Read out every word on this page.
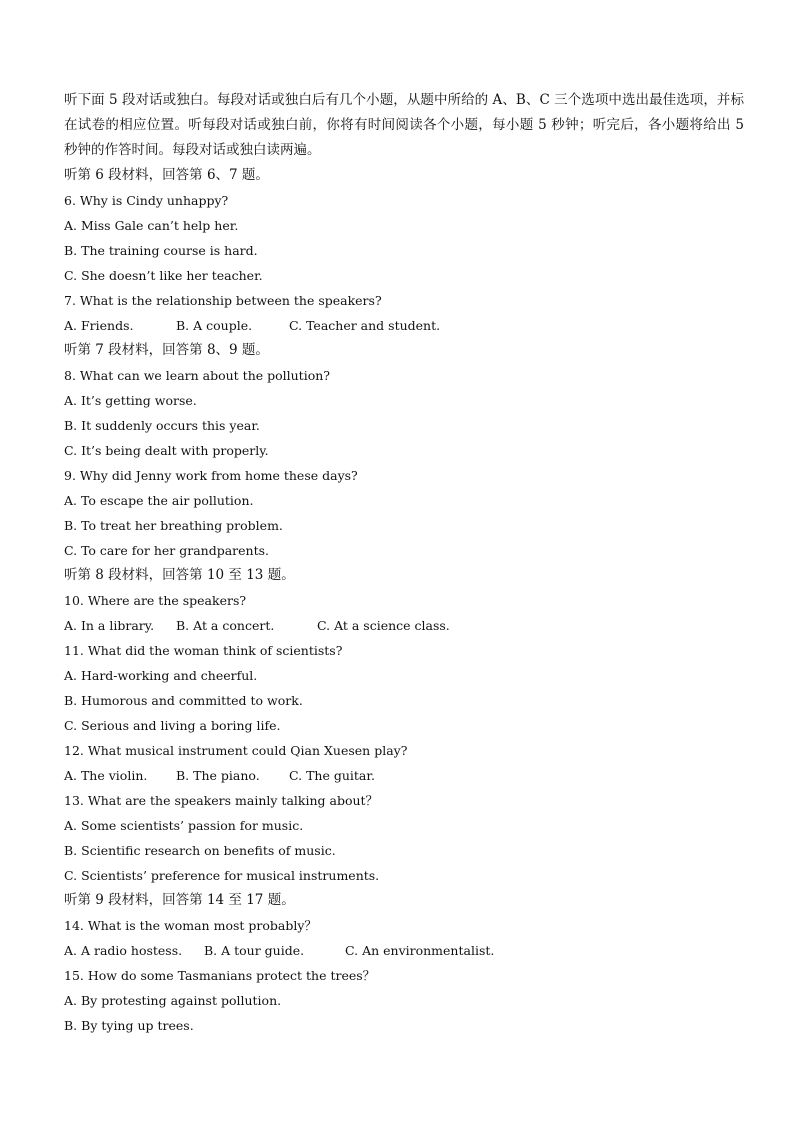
听下面 5 段对话或独白。每段对话或独白后有几个小题，从题中所给的 A、B、C 三个选项中选出最佳选项，并标在试卷的相应位置。听每段对话或独白前，你将有时间阅读各个小题，每小题 5 秒钟；听完后，各小题将给出 5 秒钟的作答时间。每段对话或独白读两遍。

听第 6 段材料，回答第 6、7 题。
6. Why is Cindy unhappy?
A. Miss Gale can’t help her.
B. The training course is hard.
C. She doesn’t like her teacher.
7. What is the relationship between the speakers?
A. Friends.	B. A couple.	C. Teacher and student.
听第 7 段材料，回答第 8、9 题。
8. What can we learn about the pollution?
A. It’s getting worse.
B. It suddenly occurs this year.
C. It’s being dealt with properly.
9. Why did Jenny work from home these days?
A. To escape the air pollution.
B. To treat her breathing problem.
C. To care for her grandparents.
听第 8 段材料，回答第 10 至 13 题。
10. Where are the speakers?
A. In a library.	B. At a concert.	C. At a science class.
11. What did the woman think of scientists?
A. Hard-working and cheerful.
B. Humorous and committed to work.
C. Serious and living a boring life.
12. What musical instrument could Qian Xuesen play?
A. The violin.	B. The piano.	C. The guitar.
13. What are the speakers mainly talking about？
A. Some scientists’ passion for music.
B. Scientific research on benefits of music.
C. Scientists’ preference for musical instruments.
听第 9 段材料，回答第 14 至 17 题。
14. What is the woman most probably？
A. A radio hostess.	B. A tour guide.	C. An environmentalist.
15. How do some Tasmanians protect the trees？
A. By protesting against pollution.
B. By tying up trees.
